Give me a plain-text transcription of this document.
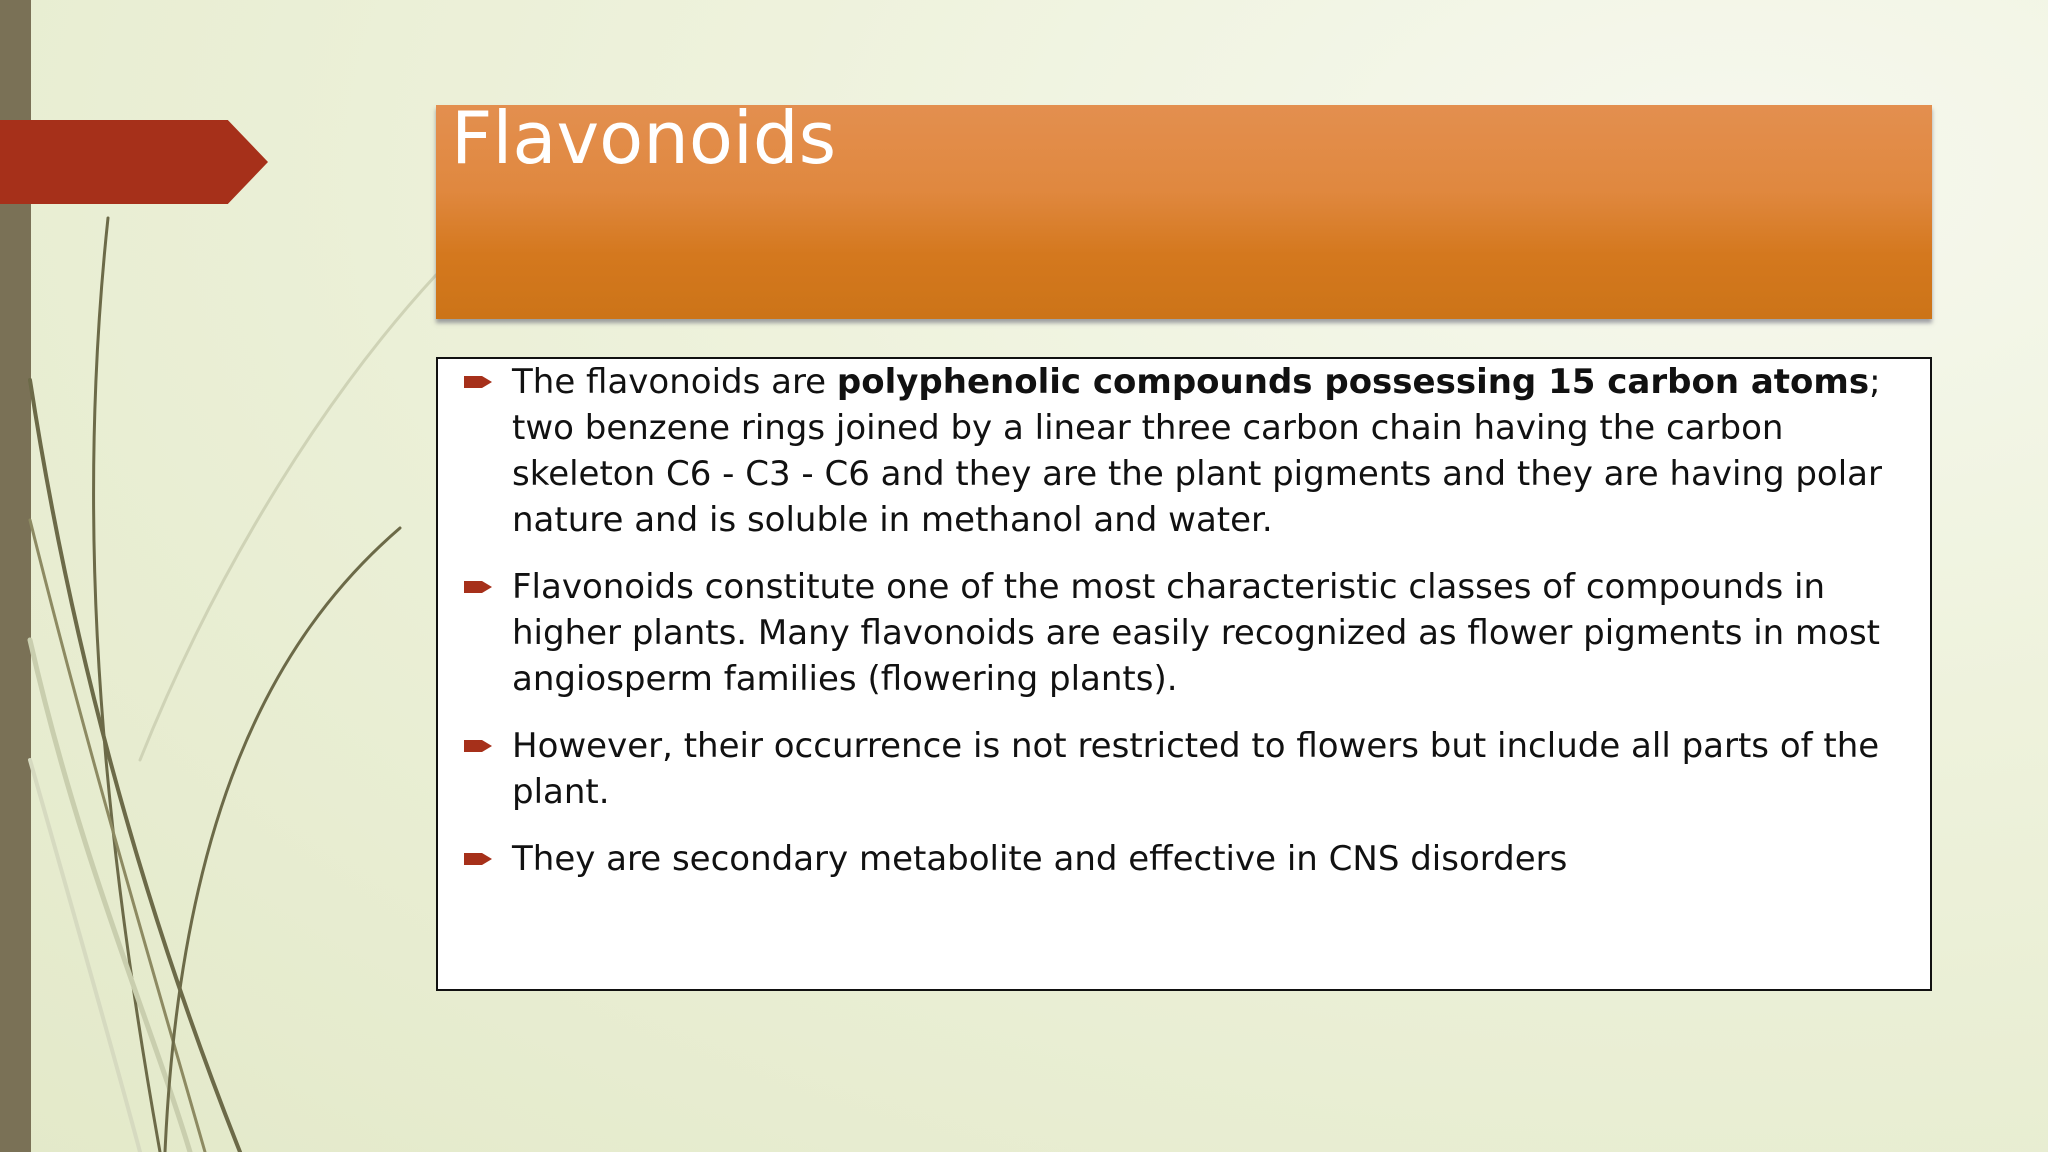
Flavonoids
The flavonoids are polyphenolic compounds possessing 15 carbon atoms; two benzene rings joined by a linear three carbon chain having the carbon skeleton C6 - C3 - C6 and they are the plant pigments and they are having polar nature and is soluble in methanol and water.
Flavonoids constitute one of the most characteristic classes of compounds in higher plants. Many flavonoids are easily recognized as flower pigments in most angiosperm families (flowering plants).
However, their occurrence is not restricted to flowers but include all parts of the plant.
They are secondary metabolite and effective in CNS disorders
